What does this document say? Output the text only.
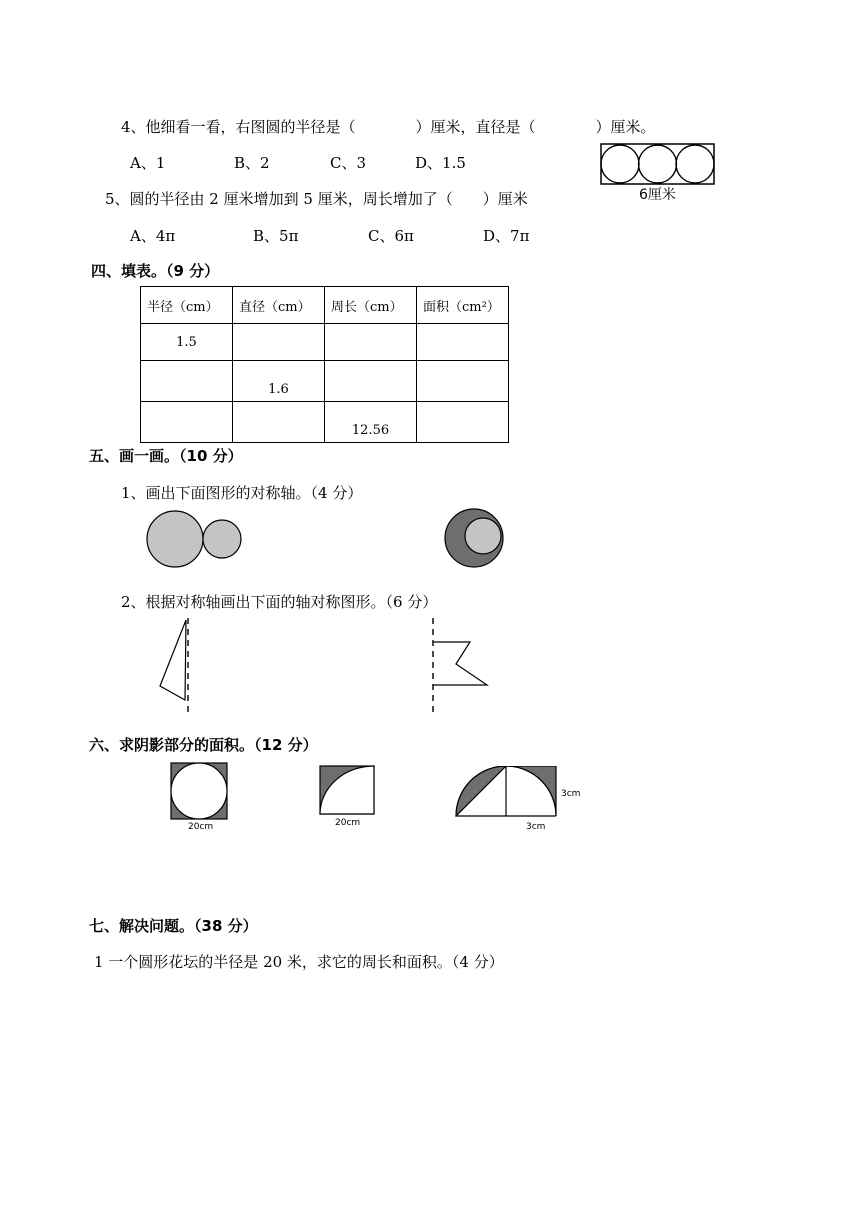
4、他细看一看，右图圆的半径是（　　　　）厘米，直径是（　　　　）厘米。
A、1	B、2	C、3	D、1.5
6厘米
5、圆的半径由 2 厘米增加到 5 厘米，周长增加了（　　）厘米
A、4π	B、5π	C、6π	D、7π
四、填表。（9 分）
半径（cm）	直径（cm）	周长（cm）	面积（cm²）
1.5			
	1.6		
		12.56	
五、画一画。（10 分）
1、画出下面图形的对称轴。（4 分）
2、根据对称轴画出下面的轴对称图形。（6 分）
六、求阴影部分的面积。（12 分）
20cm	20cm
3cm
3cm
七、解决问题。（38 分）
1 一个圆形花坛的半径是 20 米，求它的周长和面积。（4 分）
